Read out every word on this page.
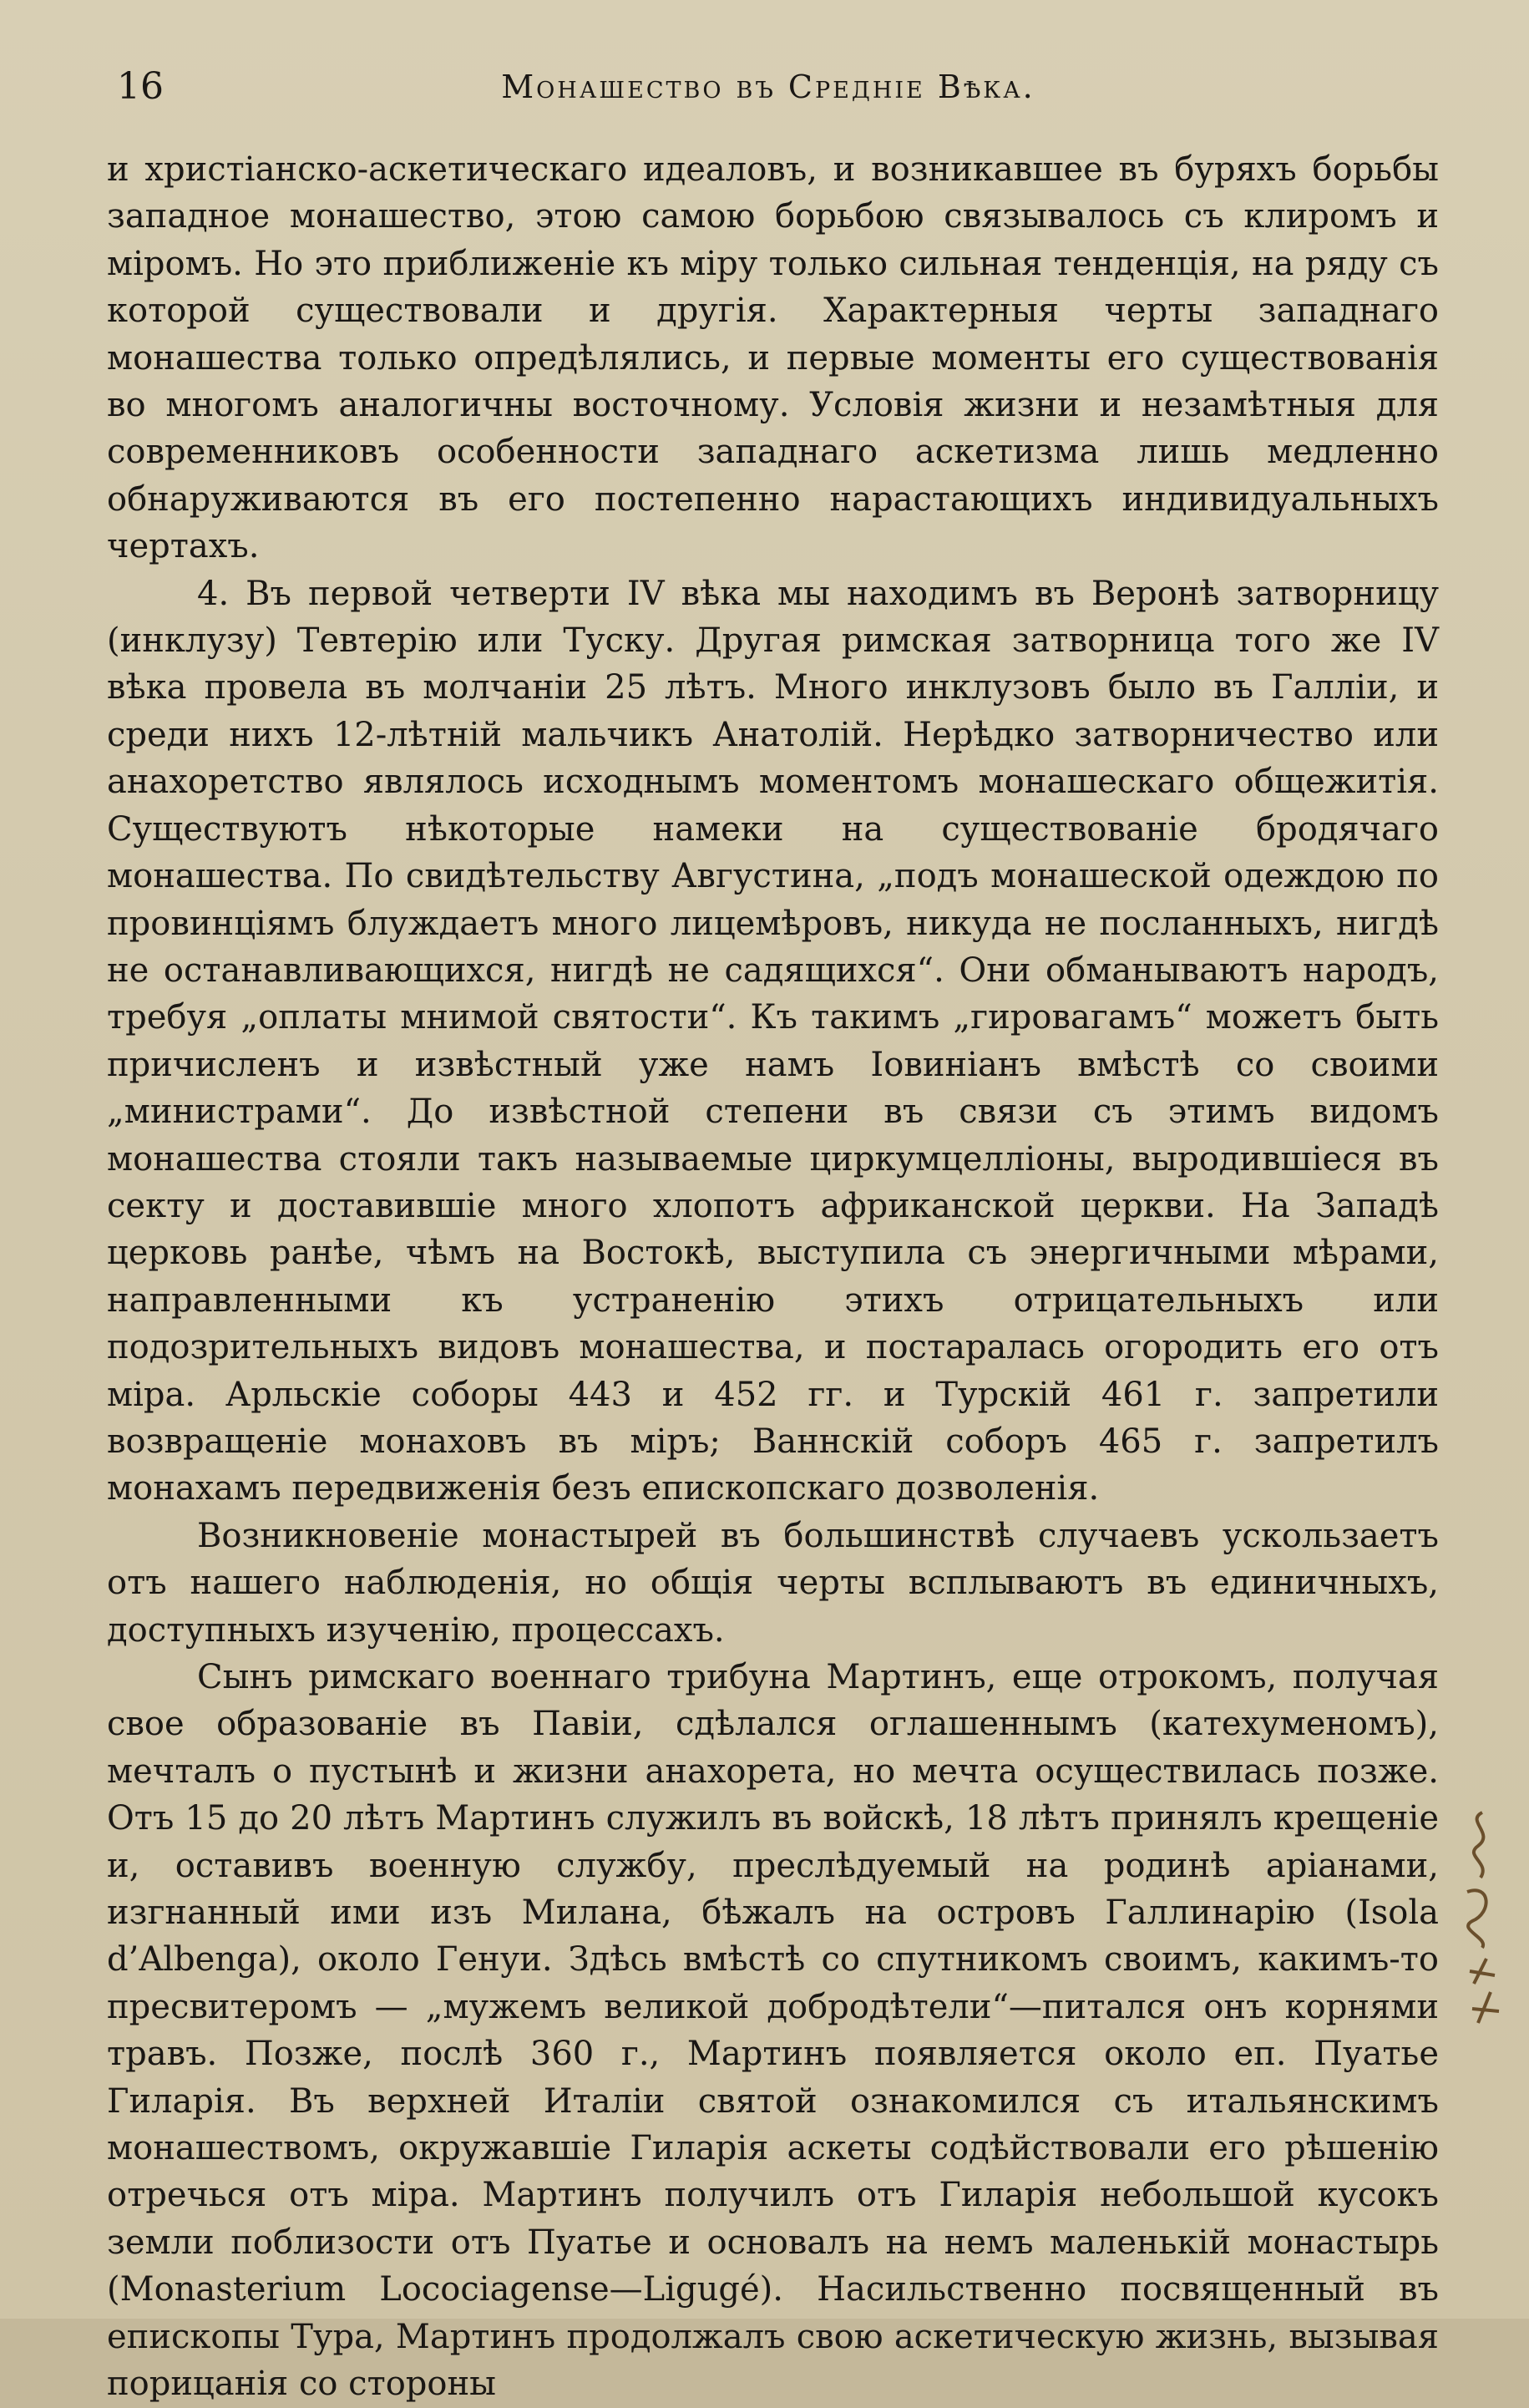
16	Монашество въ Средніе Вѣка.

и христіанско-аскетическаго идеаловъ, и возникавшее въ буряхъ борьбы западное монашество, этою самою борьбою связывалось съ клиромъ и міромъ. Но это приближеніе къ міру только сильная тенденція, на ряду съ которой существовали и другія. Характерныя черты западнаго монашества только опредѣлялись, и первые моменты его существованія во многомъ аналогичны восточному. Условія жизни и незамѣтныя для современниковъ особенности западнаго аскетизма лишь медленно обнаруживаются въ его постепенно нарастающихъ индивидуальныхъ чертахъ.

4. Въ первой четверти IV вѣка мы находимъ въ Веронѣ затворницу (инклузу) Тевтерію или Туску. Другая римская затворница того же IV вѣка провела въ молчаніи 25 лѣтъ. Много инклузовъ было въ Галліи, и среди нихъ 12-лѣтній мальчикъ Анатолій. Нерѣдко затворничество или анахоретство являлось исходнымъ моментомъ монашескаго общежитія. Существуютъ нѣкоторые намеки на существованіе бродячаго монашества. По свидѣтельству Августина, „подъ монашеской одеждою по провинціямъ блуждаетъ много лицемѣровъ, никуда не посланныхъ, нигдѣ не останавливающихся, нигдѣ не садящихся“. Они обманываютъ народъ, требуя „оплаты мнимой святости“. Къ такимъ „гировагамъ“ можетъ быть причисленъ и извѣстный уже намъ Іовиніанъ вмѣстѣ со своими „министрами“. До извѣстной степени въ связи съ этимъ видомъ монашества стояли такъ называемые циркумцелліоны, выродившіеся въ секту и доставившіе много хлопотъ африканской церкви. На Западѣ церковь ранѣе, чѣмъ на Востокѣ, выступила съ энергичными мѣрами, направленными къ устраненію этихъ отрицательныхъ или подозрительныхъ видовъ монашества, и постаралась огородить его отъ міра. Арльскіе соборы 443 и 452 гг. и Турскій 461 г. запретили возвращеніе монаховъ въ міръ; Ваннскій соборъ 465 г. запретилъ монахамъ передвиженія безъ епископскаго дозволенія.

Возникновеніе монастырей въ большинствѣ случаевъ ускользаетъ отъ нашего наблюденія, но общія черты всплываютъ въ единичныхъ, доступныхъ изученію, процессахъ.

Сынъ римскаго военнаго трибуна Мартинъ, еще отрокомъ, получая свое образованіе въ Павіи, сдѣлался оглашеннымъ (катехуменомъ), мечталъ о пустынѣ и жизни анахорета, но мечта осуществилась позже. Отъ 15 до 20 лѣтъ Мартинъ служилъ въ войскѣ, 18 лѣтъ принялъ крещеніе и, оставивъ военную службу, преслѣдуемый на родинѣ аріанами, изгнанный ими изъ Милана, бѣжалъ на островъ Галлинарію (Isola d’Albenga), около Генуи. Здѣсь вмѣстѣ со спутникомъ своимъ, какимъ-то пресвитеромъ — „мужемъ великой добродѣтели“—питался онъ корнями травъ. Позже, послѣ 360 г., Мартинъ появляется около еп. Пуатье Гиларія. Въ верхней Италіи святой ознакомился съ итальянскимъ монашествомъ, окружавшіе Гиларія аскеты содѣйствовали его рѣшенію отречься отъ міра. Мартинъ получилъ отъ Гиларія небольшой кусокъ земли поблизости отъ Пуатье и основалъ на немъ маленькій монастырь (Monasterium Locociagense—Ligugé). Насильственно посвященный въ епископы Тура, Мартинъ продолжалъ свою аскетическую жизнь, вызывая порицанія со стороны
